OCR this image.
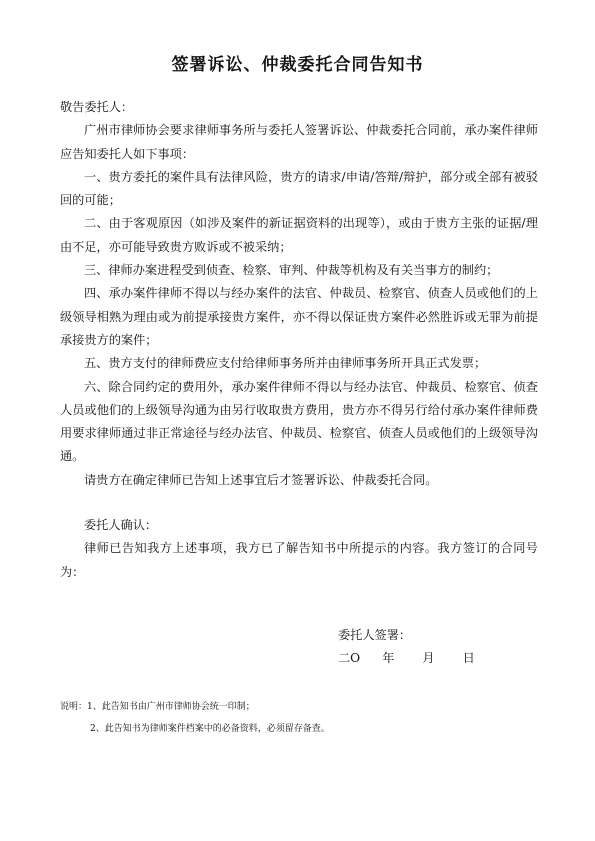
签署诉讼、仲裁委托合同告知书

敬告委托人：

广州市律师协会要求律师事务所与委托人签署诉讼、仲裁委托合同前，承办案件律师应告知委托人如下事项：

一、贵方委托的案件具有法律风险，贵方的请求/申请/答辩/辩护，部分或全部有被驳回的可能；

二、由于客观原因（如涉及案件的新证据资料的出现等），或由于贵方主张的证据/理由不足，亦可能导致贵方败诉或不被采纳；

三、律师办案进程受到侦查、检察、审判、仲裁等机构及有关当事方的制约；

四、承办案件律师不得以与经办案件的法官、仲裁员、检察官、侦查人员或他们的上级领导相熟为理由或为前提承接贵方案件，亦不得以保证贵方案件必然胜诉或无罪为前提承接贵方的案件；

五、贵方支付的律师费应支付给律师事务所并由律师事务所开具正式发票；

六、除合同约定的费用外，承办案件律师不得以与经办法官、仲裁员、检察官、侦查人员或他们的上级领导沟通为由另行收取贵方费用，贵方亦不得另行给付承办案件律师费用要求律师通过非正常途径与经办法官、仲裁员、检察官、侦查人员或他们的上级领导沟通。

请贵方在确定律师已告知上述事宜后才签署诉讼、仲裁委托合同。

委托人确认：

律师已告知我方上述事项，我方已了解告知书中所提示的内容。我方签订的合同号为：

委托人签署：
二O 年 月 日
说明：1、此告知书由广州市律师协会统一印制；
2、此告知书为律师案件档案中的必备资料，必须留存备查。
